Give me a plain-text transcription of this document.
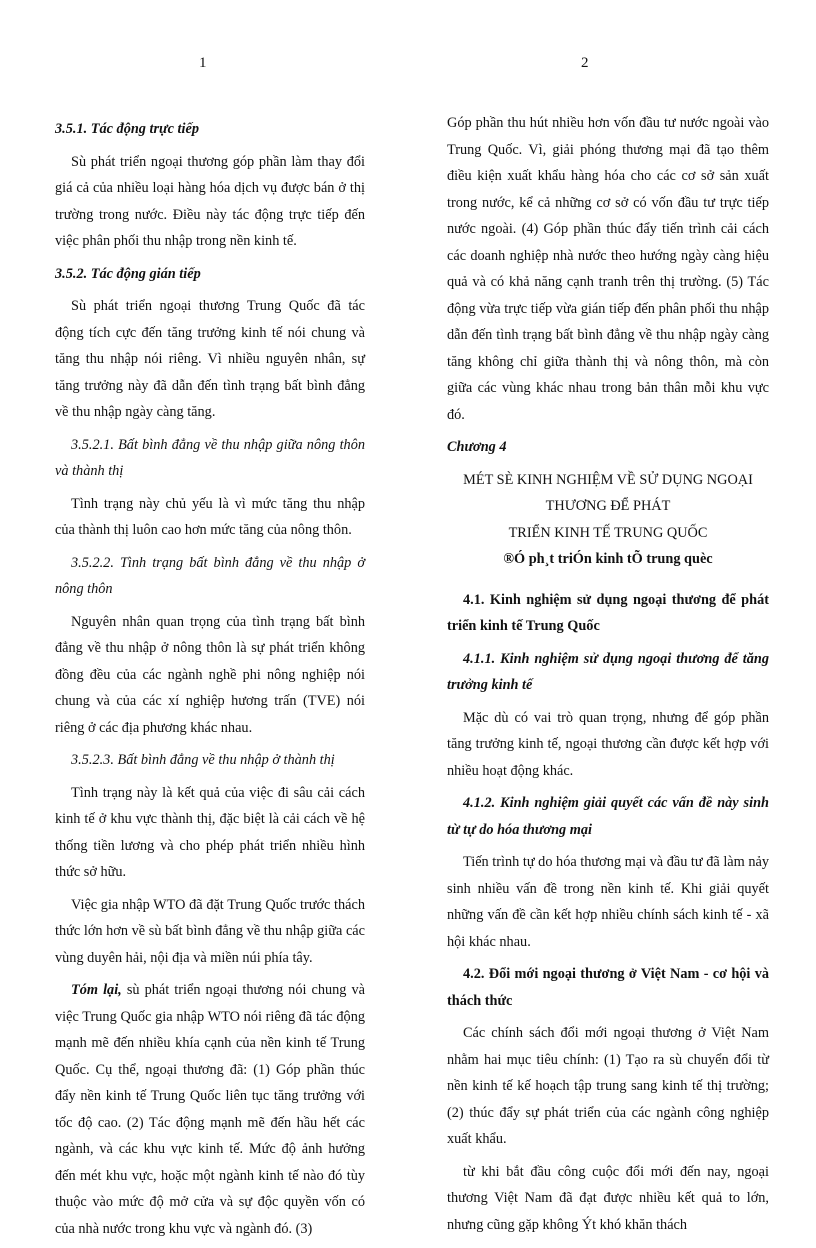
1	2

3.5.1. Tác động trực tiếp

Sù phát triển ngoại thương góp phần làm thay đổi giá cả của nhiều loại hàng hóa dịch vụ được bán ở thị trường trong nước. Điều này tác động trực tiếp đến việc phân phối thu nhập trong nền kinh tế.

3.5.2. Tác động gián tiếp

Sù phát triển ngoại thương Trung Quốc đã tác động tích cực đến tăng trưởng kinh tế nói chung và tăng thu nhập nói riêng. Vì nhiều nguyên nhân, sự tăng trưởng này đã dẫn đến tình trạng bất bình đẳng về thu nhập ngày càng tăng.

3.5.2.1. Bất bình đẳng về thu nhập giữa nông thôn và thành thị

Tình trạng này chủ yếu là vì mức tăng thu nhập của thành thị luôn cao hơn mức tăng của nông thôn.

3.5.2.2. Tình trạng bất bình đẳng về thu nhập ở nông thôn

Nguyên nhân quan trọng của tình trạng bất bình đẳng về thu nhập ở nông thôn là sự phát triển không đồng đều của các ngành nghề phi nông nghiệp nói chung và của các xí nghiệp hương trấn (TVE) nói riêng ở các địa phương khác nhau.

3.5.2.3. Bất bình đẳng về thu nhập ở thành thị

Tình trạng này là kết quả của việc đi sâu cải cách kinh tế ở khu vực thành thị, đặc biệt là cải cách về hệ thống tiền lương và cho phép phát triển nhiều hình thức sở hữu.

Việc gia nhập WTO đã đặt Trung Quốc trước thách thức lớn hơn về sù bất bình đẳng về thu nhập giữa các vùng duyên hải, nội địa và miền núi phía tây.

Tóm lại, sù phát triển ngoại thương nói chung và việc Trung Quốc gia nhập WTO nói riêng đã tác động mạnh mẽ đến nhiều khía cạnh của nền kinh tế Trung Quốc. Cụ thể, ngoại thương đã: (1) Góp phần thúc đẩy nền kinh tế Trung Quốc liên tục tăng trưởng với tốc độ cao. (2) Tác động mạnh mẽ đến hầu hết các ngành, và các khu vực kinh tế. Mức độ ảnh hưởng đến mét khu vực, hoặc một ngành kinh tế nào đó tùy thuộc vào mức độ mở cửa và sự độc quyền vốn có của nhà nước trong khu vực và ngành đó. (3)

Góp phần thu hút nhiều hơn vốn đầu tư nước ngoài vào Trung Quốc. Vì, giải phóng thương mại đã tạo thêm điều kiện xuất khẩu hàng hóa cho các cơ sở sản xuất trong nước, kể cả những cơ sở có vốn đầu tư trực tiếp nước ngoài. (4) Góp phần thúc đẩy tiến trình cải cách các doanh nghiệp nhà nước theo hướng ngày càng hiệu quả và có khả năng cạnh tranh trên thị trường. (5) Tác động vừa trực tiếp vừa gián tiếp đến phân phối thu nhập dẫn đến tình trạng bất bình đẳng về thu nhập ngày càng tăng không chỉ giữa thành thị và nông thôn, mà còn giữa các vùng khác nhau trong bản thân mỗi khu vực đó.

Chương 4

MÉT SÈ KINH NGHIỆM VỀ SỬ DỤNG NGOẠI THƯƠNG ĐỂ PHÁT

TRIỂN KINH TẾ TRUNG QUỐC

®Ó ph¸t triÓn kinh tÕ trung quèc

4.1. Kinh nghiệm sử dụng ngoại thương để phát triển kinh tế Trung Quốc

4.1.1. Kinh nghiệm sử dụng ngoại thương để tăng trưởng kinh tế

Mặc dù có vai trò quan trọng, nhưng để góp phần tăng trưởng kinh tế, ngoại thương cần được kết hợp với nhiều hoạt động khác.

4.1.2. Kinh nghiệm giải quyết các vấn đề này sinh từ tự do hóa thương mại

Tiến trình tự do hóa thương mại và đầu tư đã làm nảy sinh nhiều vấn đề trong nền kinh tế. Khi giải quyết những vấn đề cần kết hợp nhiều chính sách kinh tế - xã hội khác nhau.

4.2. Đổi mới ngoại thương ở Việt Nam - cơ hội và thách thức

Các chính sách đổi mới ngoại thương ở Việt Nam nhằm hai mục tiêu chính: (1) Tạo ra sù chuyển đổi từ nền kinh tế kế hoạch tập trung sang kinh tế thị trường; (2) thúc đẩy sự phát triển của các ngành công nghiệp xuất khẩu.

từ khi bắt đầu công cuộc đổi mới đến nay, ngoại thương Việt Nam đã đạt được nhiều kết quả to lớn, nhưng cũng gặp không Ýt khó khăn thách
